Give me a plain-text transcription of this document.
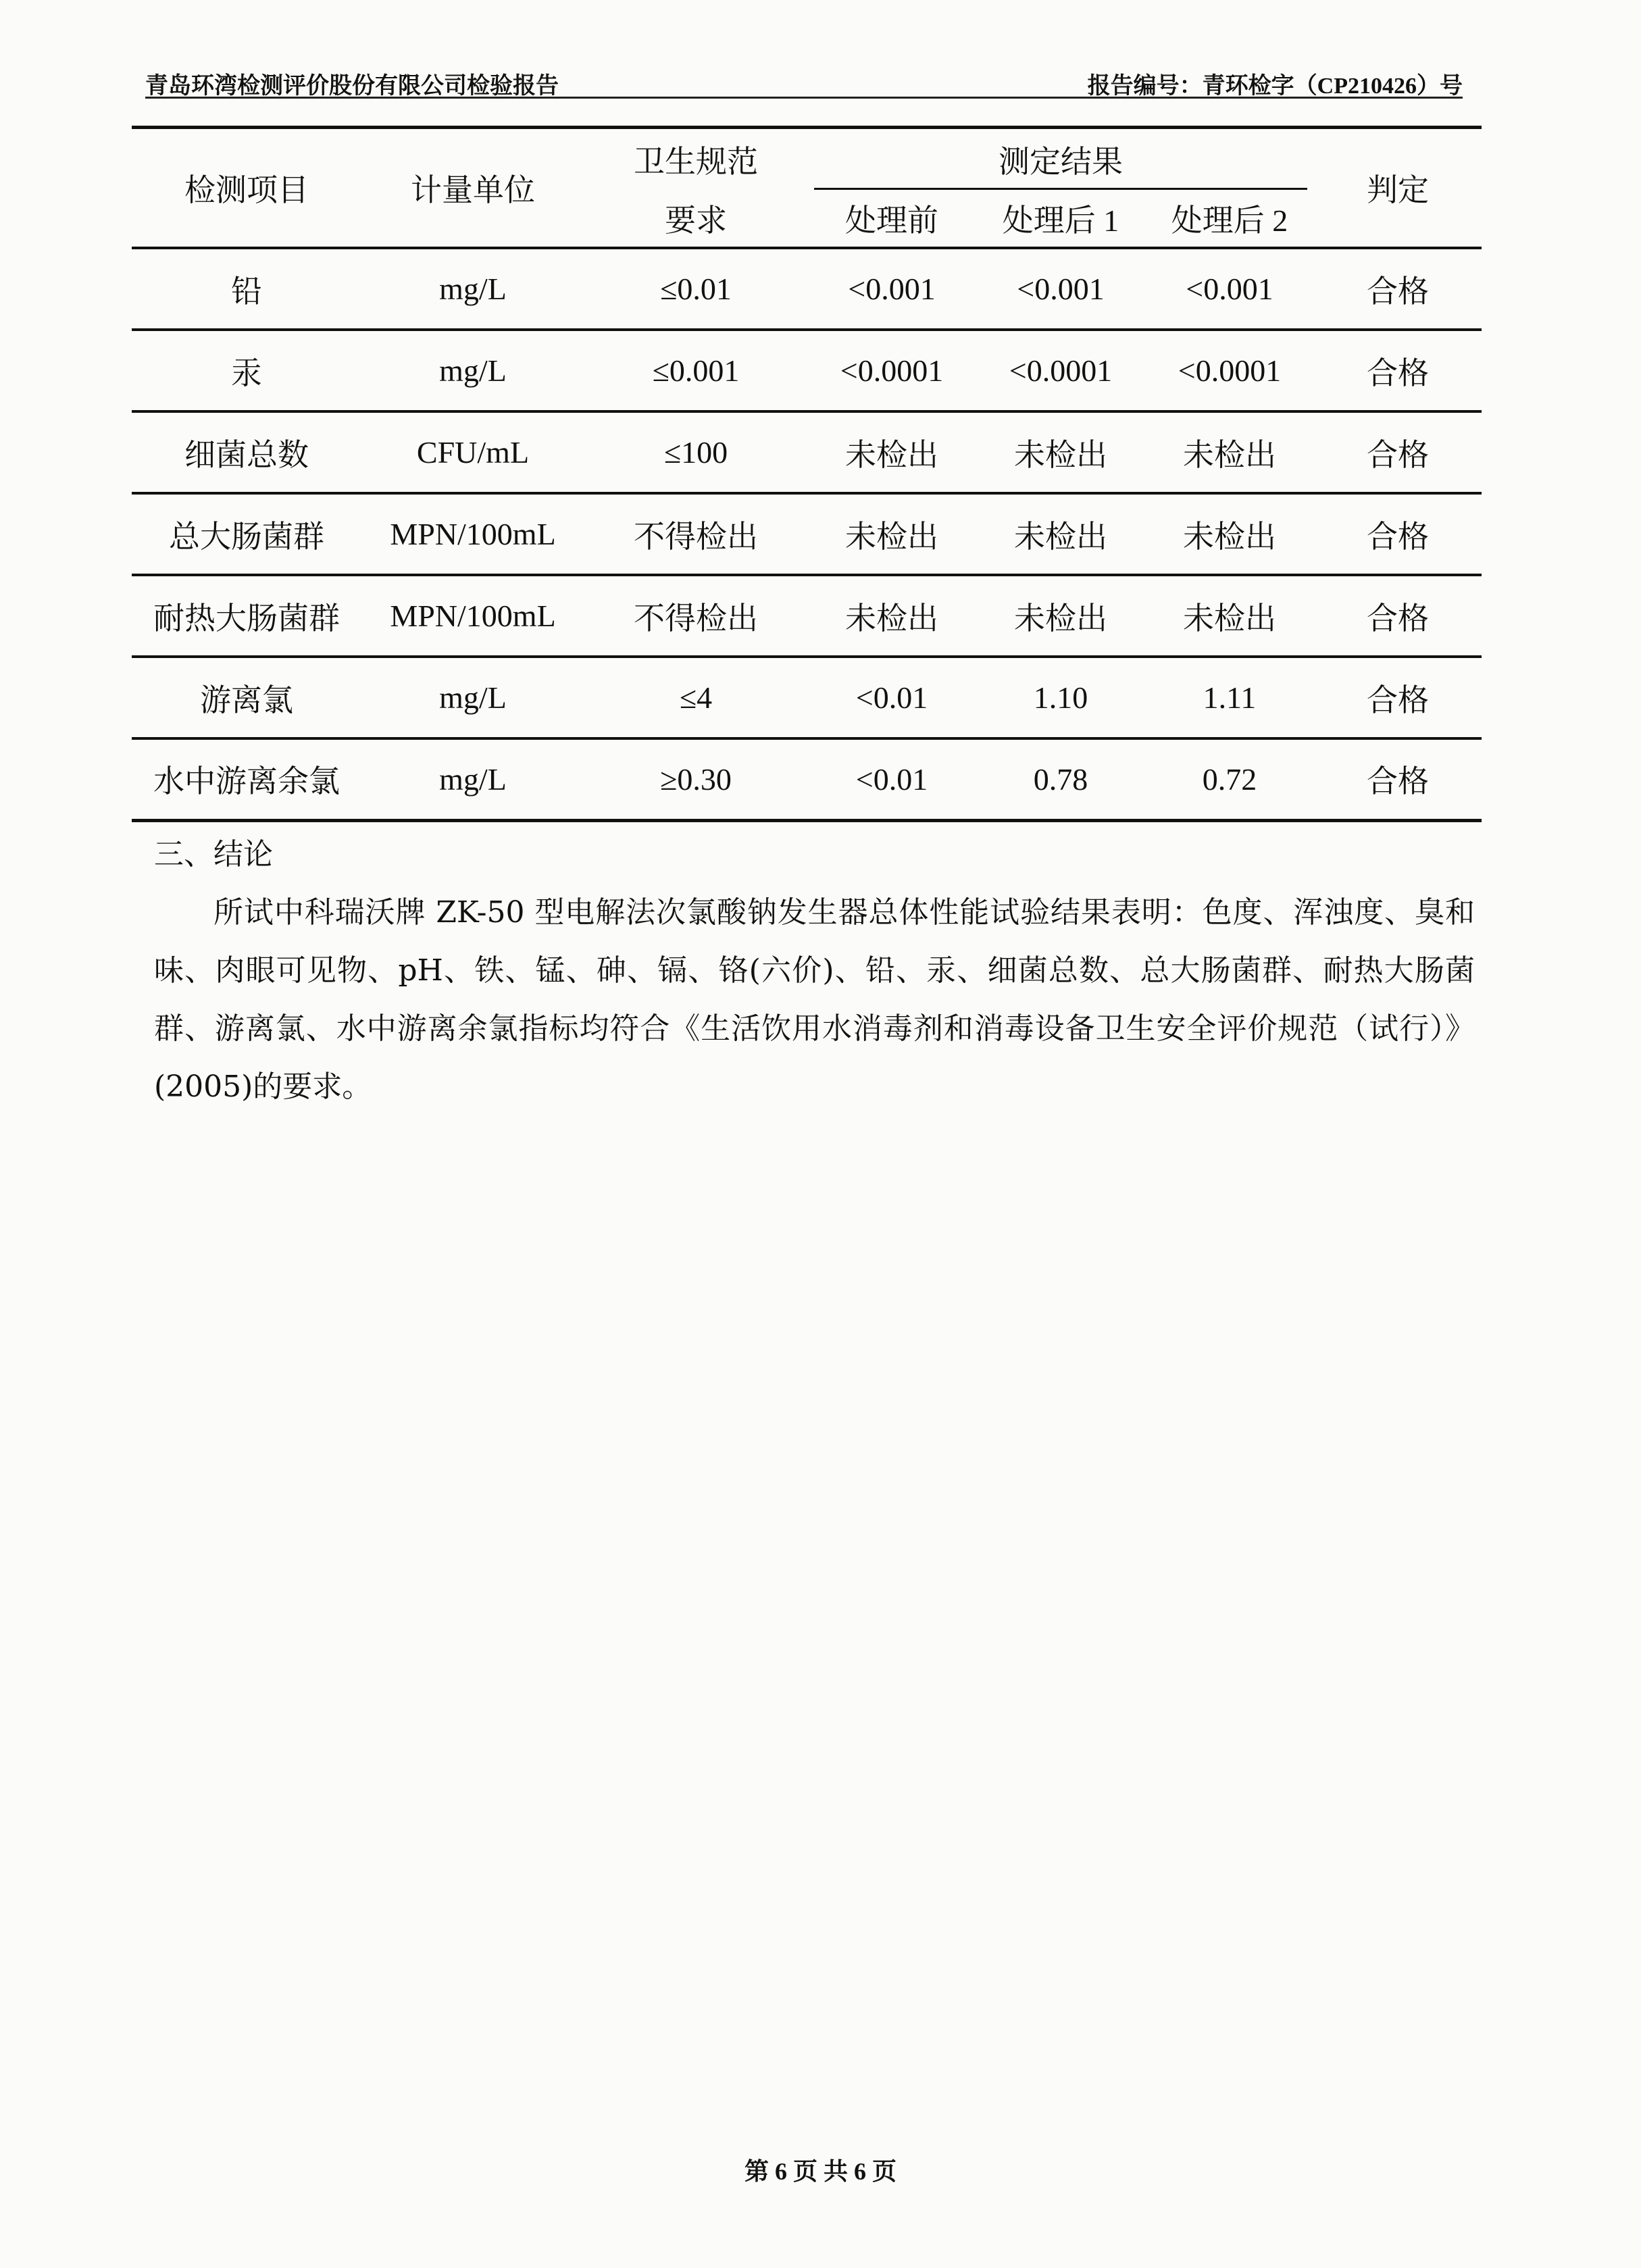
青岛环湾检测评价股份有限公司检验报告	报告编号：青环检字（CP210426）号
检测项目	计量单位	卫生规范	测定结果			判定
		要求	处理前	处理后 1	处理后 2	
铅	mg/L	≤0.01	<0.001	<0.001	<0.001	合格
汞	mg/L	≤0.001	<0.0001	<0.0001	<0.0001	合格
细菌总数	CFU/mL	≤100	未检出	未检出	未检出	合格
总大肠菌群	MPN/100mL	不得检出	未检出	未检出	未检出	合格
耐热大肠菌群	MPN/100mL	不得检出	未检出	未检出	未检出	合格
游离氯	mg/L	≤4	<0.01	1.10	1.11	合格
水中游离余氯	mg/L	≥0.30	<0.01	0.78	0.72	合格

三、结论

所试中科瑞沃牌 ZK-50 型电解法次氯酸钠发生器总体性能试验结果表明：色度、浑浊度、臭和味、肉眼可见物、pH、铁、锰、砷、镉、铬(六价)、铅、汞、细菌总数、总大肠菌群、耐热大肠菌群、游离氯、水中游离余氯指标均符合《生活饮用水消毒剂和消毒设备卫生安全评价规范（试行）》(2005)的要求。

第 6 页 共 6 页
